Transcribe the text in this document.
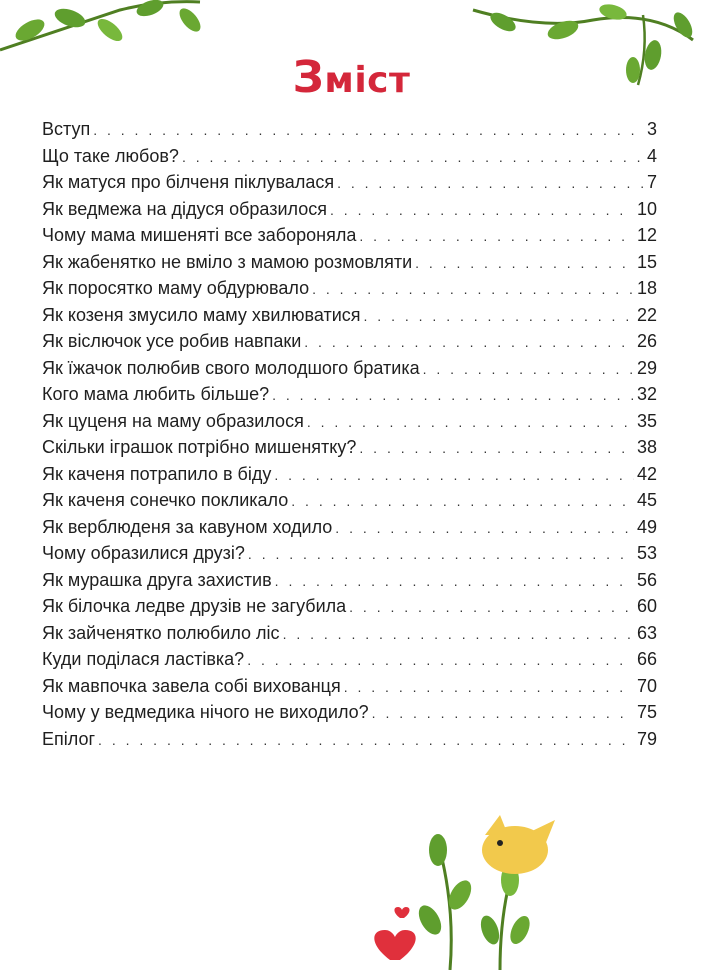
Зміст
Вступ . . .	3
Що таке любов? . . .	4
Як матуся про білченя піклувалася . . .	7
Як ведмежа на дідуся образилося . . .	10
Чому мама мишеняті все забороняла . . .	12
Як жабенятко не вміло з мамою розмовляти . . .	15
Як поросятко маму обдурювало . . .	18
Як козеня змусило маму хвилюватися . . .	22
Як віслючок усе робив навпаки . . .	26
Як їжачок полюбив свого молодшого братика . . .	29
Кого мама любить більше? . . .	32
Як цуценя на маму образилося . . .	35
Скільки іграшок потрібно мишенятку? . . .	38
Як каченя потрапило в біду . . .	42
Як каченя сонечко покликало . . .	45
Як верблюденя за кавуном ходило . . .	49
Чому образилися друзі? . . .	53
Як мурашка друга захистив . . .	56
Як білочка ледве друзів не загубила . . .	60
Як зайченятко полюбило ліс . . .	63
Куди поділася ластівка? . . .	66
Як мавпочка завела собі вихованця . . .	70
Чому у ведмедика нічого не виходило? . . .	75
Епілог . . .	79
